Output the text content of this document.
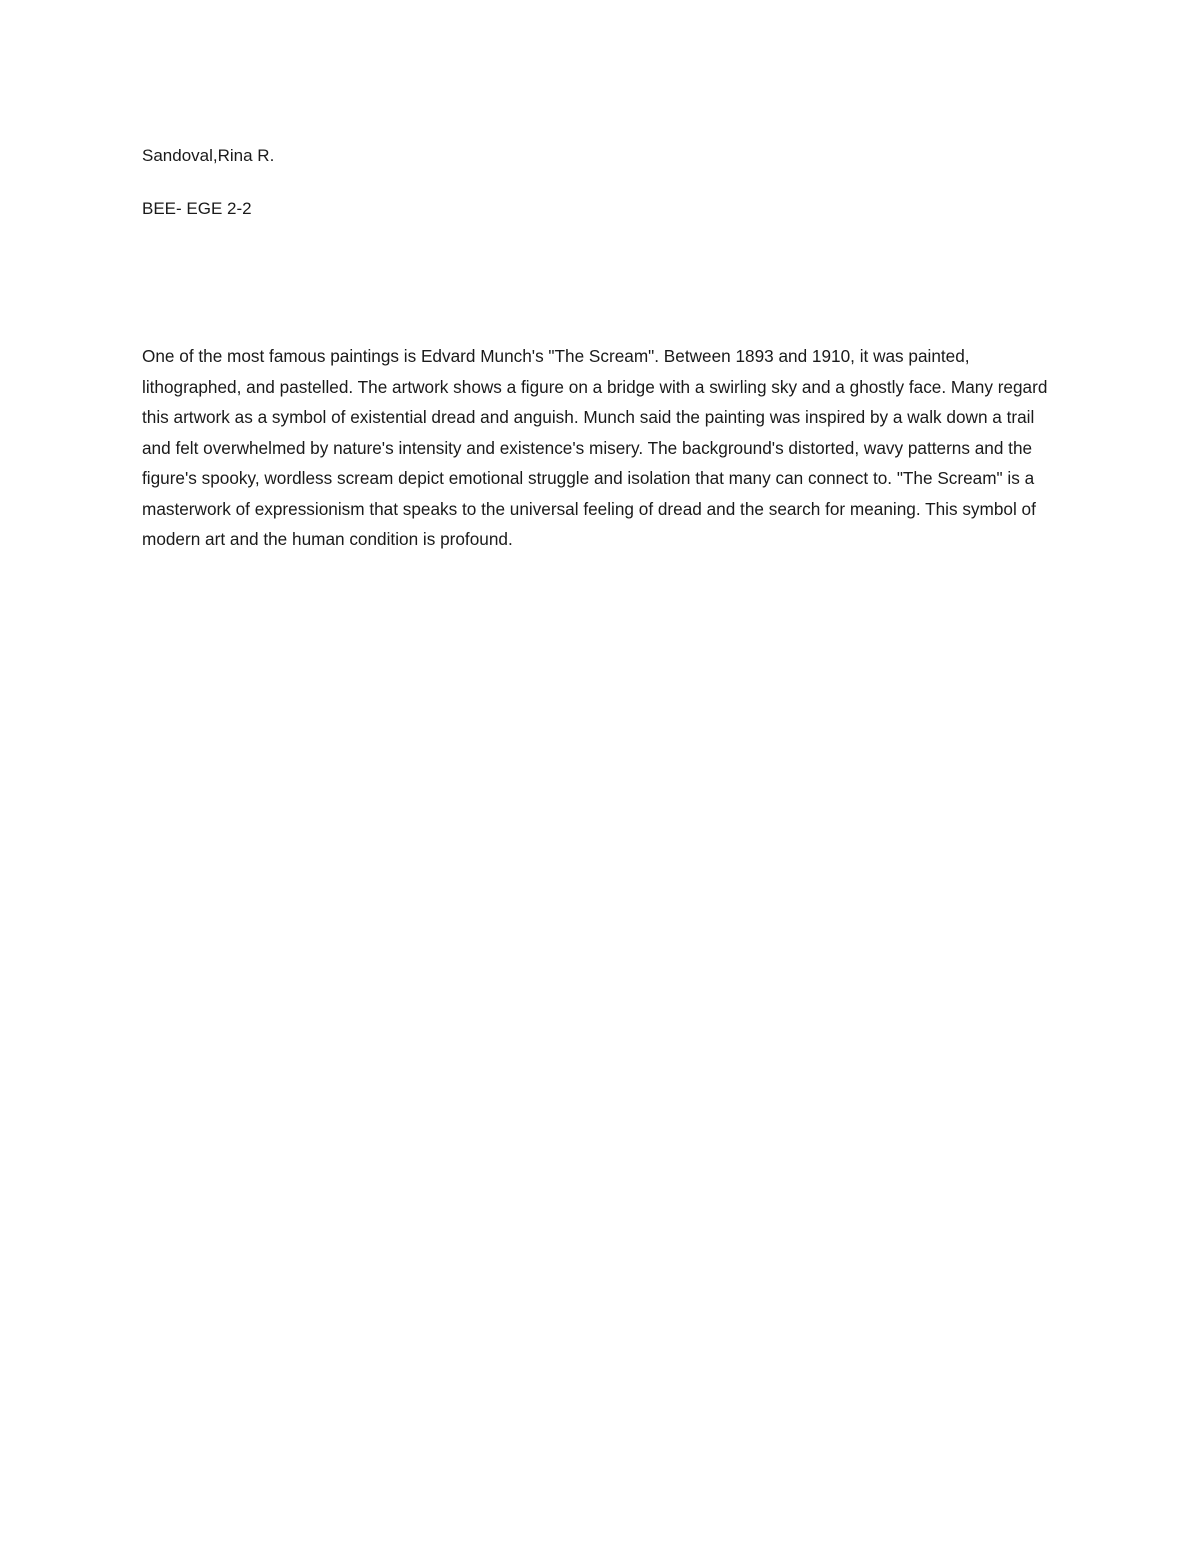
Sandoval,Rina R.

BEE- EGE 2-2

One of the most famous paintings is Edvard Munch's "The Scream". Between 1893 and 1910, it was painted, lithographed, and pastelled. The artwork shows a figure on a bridge with a swirling sky and a ghostly face. Many regard this artwork as a symbol of existential dread and anguish. Munch said the painting was inspired by a walk down a trail and felt overwhelmed by nature's intensity and existence's misery. The background's distorted, wavy patterns and the figure's spooky, wordless scream depict emotional struggle and isolation that many can connect to. "The Scream" is a masterwork of expressionism that speaks to the universal feeling of dread and the search for meaning. This symbol of modern art and the human condition is profound.
